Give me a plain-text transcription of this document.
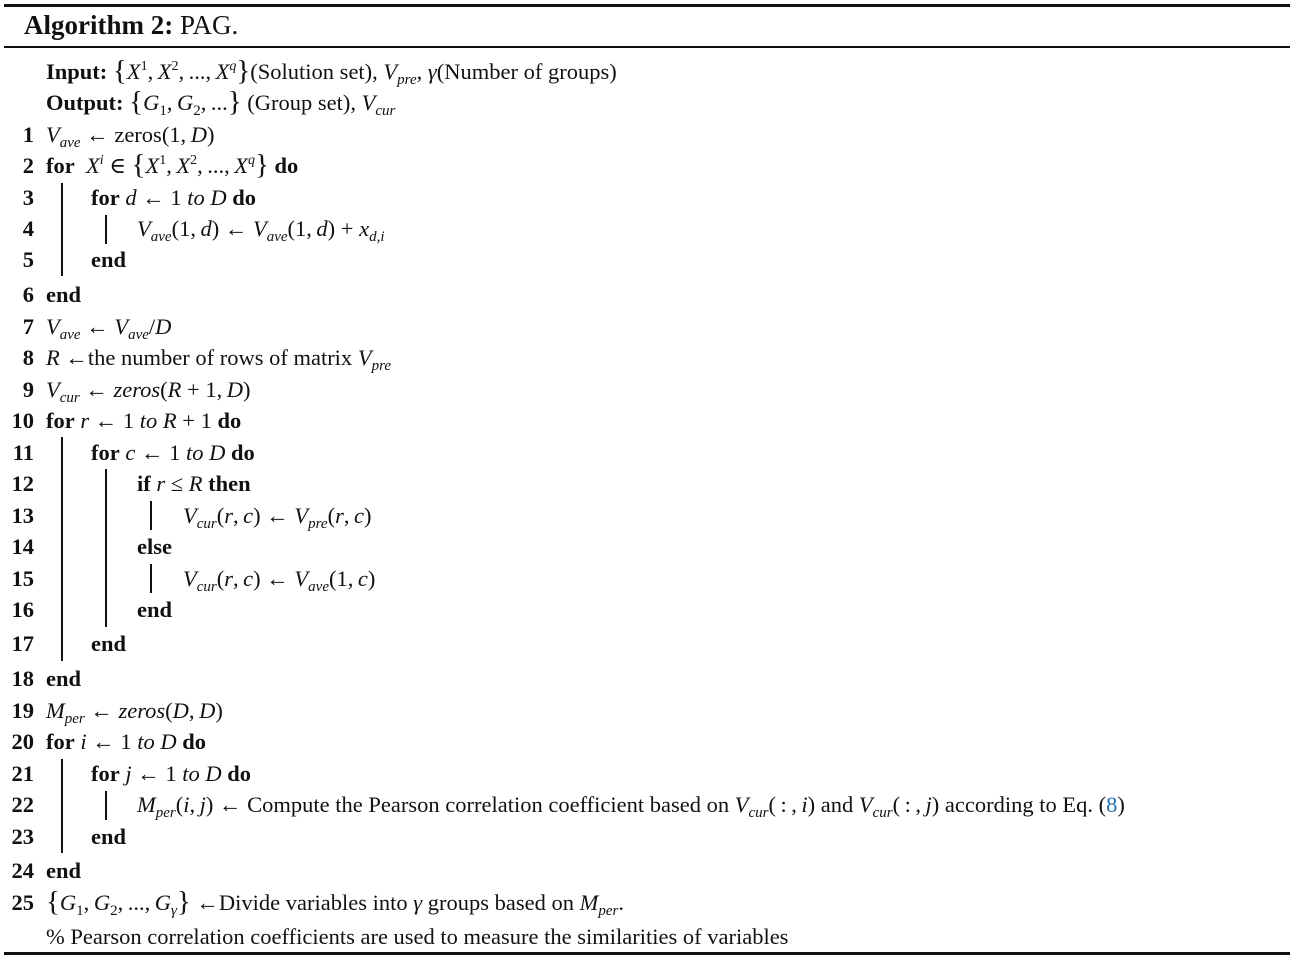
Algorithm 2: PAG.
Input: {$X^1$, $X^2$, ..., $X^q\}(Solution$ set), $V_{pre}$, γ(Number of groups)
Output: {$G_1$, $G_2$, ...} (Group set), $V_{cur}$
1 $V_{ave}$ ← zeros(1, D)
2 for $X^i$ ∈ {$X^1$, $X^2$, ..., $X^q$} do
3	for d ← 1 to D do
4	$V_{ave}(1$, d) ← $V_{ave}(1$, $d) + x_{d,i}$
5	end
6 end
7 $V_{ave}$ ← $V_{ave}/D$
8 R ←the number of rows of matrix $V_{pre}$
9 $V_{cur}$ ← zeros(R + 1, D)
10 for r ← 1 to R + 1 do
11	for c ← 1 to D do
12	if r ≤ R then
13	$V_{cur}(r$, c) ← $V_{pre}(r$, c)
14	else
15	$V_{cur}(r$, c) ← $V_{ave}(1$, c)
16	end
17	end
18 end
19 $M_{per}$ ← zeros(D, D)
20 for i ← 1 to D do
21	for j ← 1 to D do
22	$M_{per}(i$, j) ← Compute the Pearson correlation coefficient based on $V_{cur}$( : , i) and $V_{cur}$( : , j) according to Eq. (8)
23	end
24 end
25 {$G_1$, $G_2$, ..., $G_\gamma$} ←Divide variables into γ groups based on $M_{per}$.
% Pearson correlation coefficients are used to measure the similarities of variables
